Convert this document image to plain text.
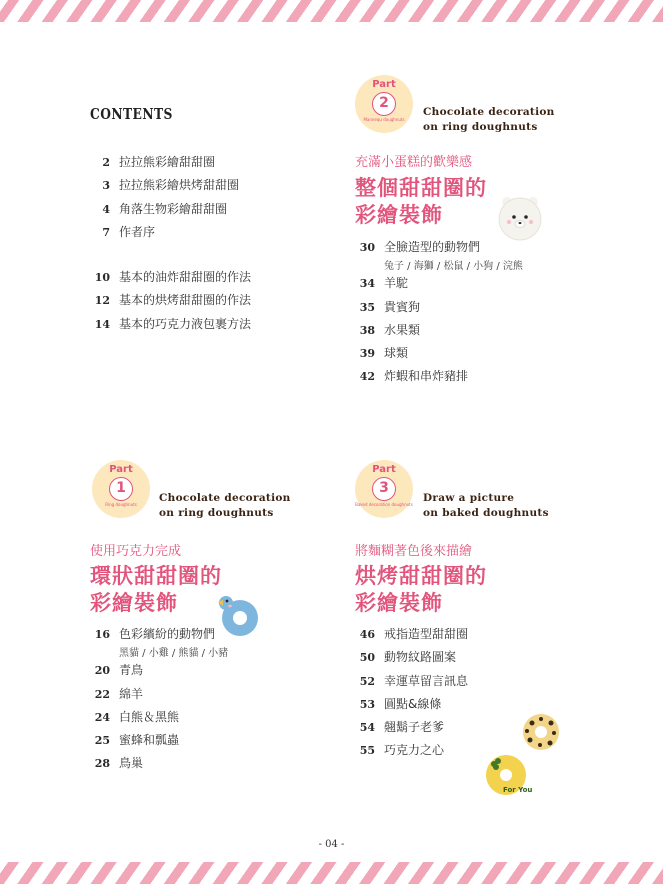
CONTENTS
2 拉拉熊彩繪甜甜圈
3 拉拉熊彩繪烘烤甜甜圈
4 角落生物彩繪甜甜圈
7 作者序
10 基本的油炸甜甜圈的作法
12 基本的烘烤甜甜圈的作法
14 基本的巧克力液包裹方法
Part
2
Mannequ doughnuts
Chocolate decoration
on ring doughnuts
充滿小蛋糕的歡樂感
整個甜甜圈的
彩繪裝飾
30 全臉造型的動物們
兔子 / 海獅 / 松鼠 / 小狗 / 浣熊
34 羊駝
35 貴賓狗
38 水果類
39 球類
42 炸蝦和串炸豬排
Part
1
Ring doughnuts
Chocolate decoration
on ring doughnuts
使用巧克力完成
環狀甜甜圈的
彩繪裝飾
16 色彩繽紛的動物們
黑貓 / 小雞 / 熊貓 / 小豬
20 青鳥
22 綿羊
24 白熊＆黑熊
25 蜜蜂和瓢蟲
28 鳥巢
Part
3
Baked decoration doughnuts
Draw a picture
on baked doughnuts
將麵糊著色後來描繪
烘烤甜甜圈的
彩繪裝飾
46 戒指造型甜甜圈
50 動物紋路圖案
52 幸運草留言訊息
53 圓點&線條
54 翹鬍子老爹
55 巧克力之心
For You
- 04 -
